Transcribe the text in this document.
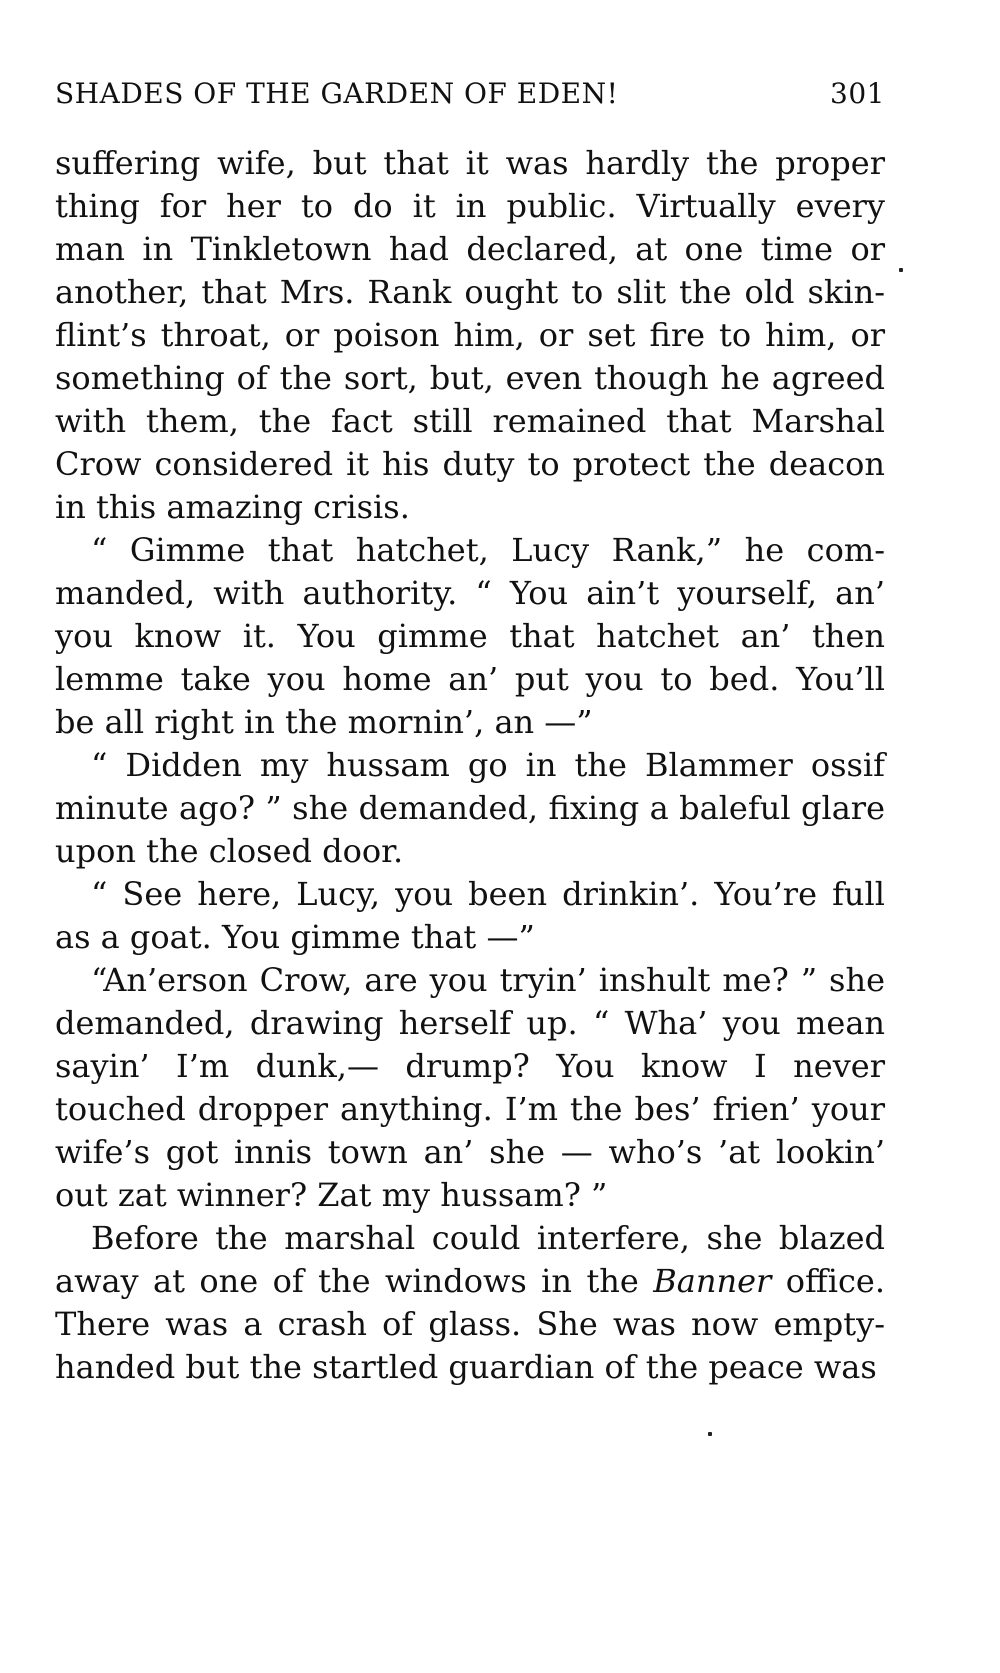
SHADES OF THE GARDEN OF EDEN!	301
suffering wife, but that it was hardly the proper
thing for her to do it in public. Virtually every
man in Tinkletown had declared, at one time or
another, that Mrs. Rank ought to slit the old skin-
flint’s throat, or poison him, or set fire to him, or
something of the sort, but, even though he agreed
with them, the fact still remained that Marshal
Crow considered it his duty to protect the deacon
in this amazing crisis.
“ Gimme that hatchet, Lucy Rank,” he com-
manded, with authority. “ You ain’t yourself, an’
you know it. You gimme that hatchet an’ then
lemme take you home an’ put you to bed. You’ll
be all right in the mornin’, an —”
“ Didden my hussam go in the Blammer ossif
minute ago? ” she demanded, fixing a baleful glare
upon the closed door.
“ See here, Lucy, you been drinkin’. You’re full
as a goat. You gimme that —”
“An’erson Crow, are you tryin’ inshult me? ” she
demanded, drawing herself up. “ Wha’ you mean
sayin’ I’m dunk,— drump? You know I never
touched dropper anything. I’m the bes’ frien’ your
wife’s got innis town an’ she — who’s ’at lookin’
out zat winner? Zat my hussam? ”
Before the marshal could interfere, she blazed
away at one of the windows in the Banner office.
There was a crash of glass. She was now empty-
handed but the startled guardian of the peace was
